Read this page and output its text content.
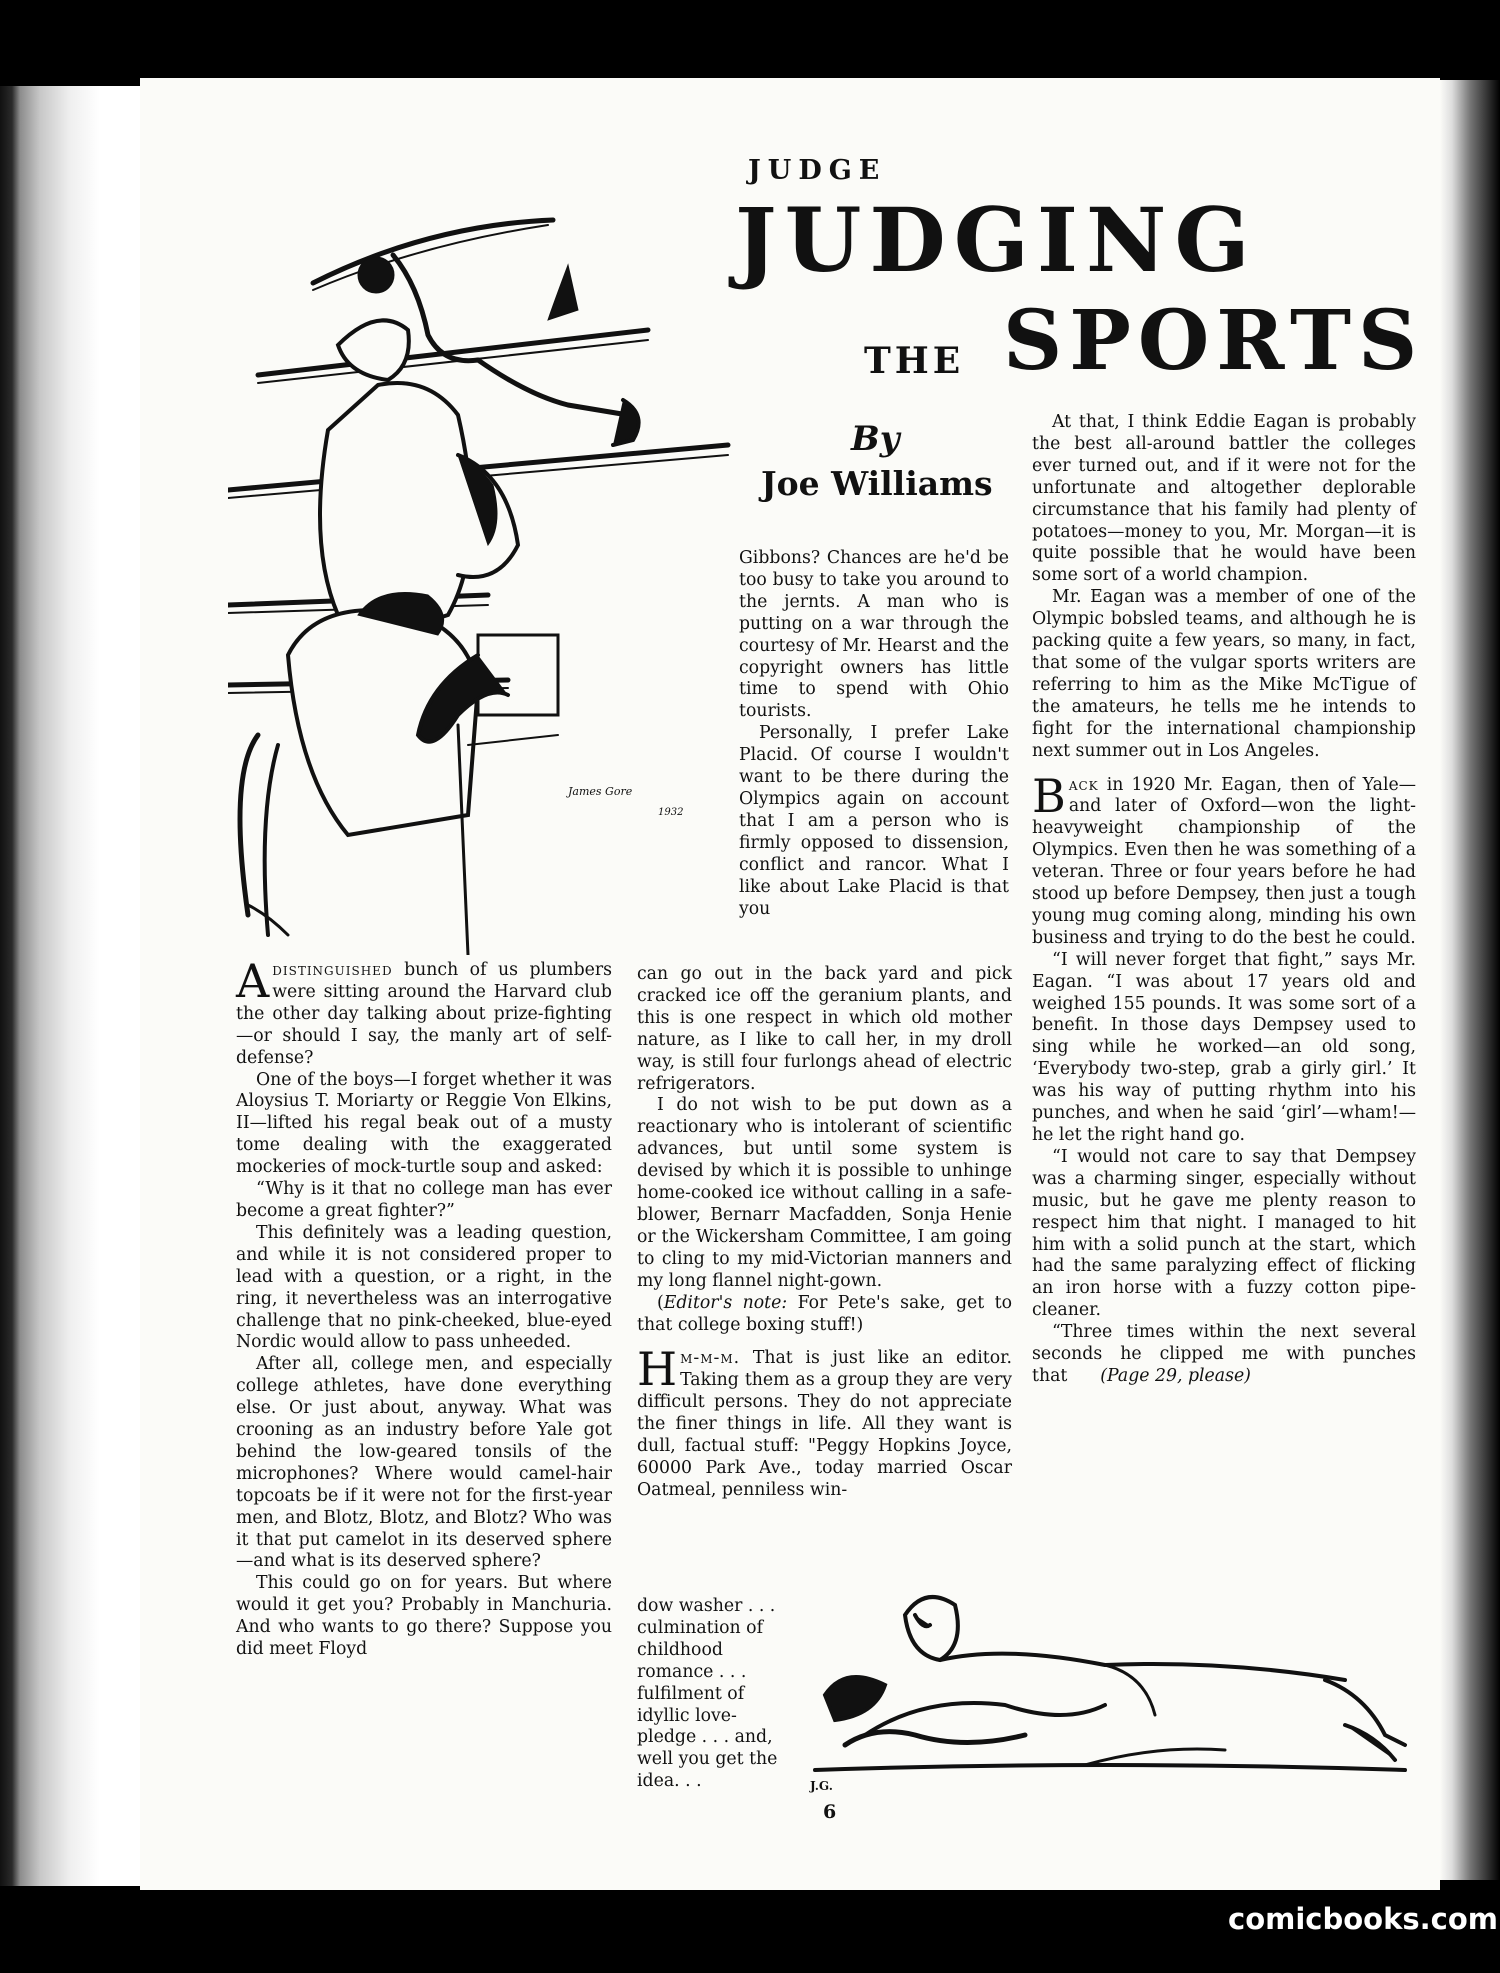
JUDGE
JUDGING
THE SPORTS
By
Joe Williams
James Gore
1932

Adistinguished bunch of us plumbers were sitting around the Harvard club the other day talking about prize-fighting—or should I say, the manly art of self-defense?

One of the boys—I forget whether it was Aloysius T. Moriarty or Reggie Von Elkins, II—lifted his regal beak out of a musty tome dealing with the exaggerated mockeries of mock-turtle soup and asked:

“Why is it that no college man has ever become a great fighter?”

This definitely was a leading question, and while it is not considered proper to lead with a question, or a right, in the ring, it nevertheless was an interrogative challenge that no pink-cheeked, blue-eyed Nordic would allow to pass unheeded.

After all, college men, and especially college athletes, have done everything else. Or just about, anyway. What was crooning as an industry before Yale got behind the low-geared tonsils of the microphones? Where would camel-hair topcoats be if it were not for the first-year men, and Blotz, Blotz, and Blotz? Who was it that put camelot in its deserved sphere—and what is its deserved sphere?

This could go on for years. But where would it get you? Probably in Manchuria. And who wants to go there? Suppose you did meet Floyd

Gibbons? Chances are he'd be too busy to take you around to the jernts. A man who is putting on a war through the courtesy of Mr. Hearst and the copyright owners has little time to spend with Ohio tourists.

Personally, I prefer Lake Placid. Of course I wouldn't want to be there during the Olympics again on account that I am a person who is firmly opposed to dissension, conflict and rancor. What I like about Lake Placid is that you

can go out in the back yard and pick cracked ice off the geranium plants, and this is one respect in which old mother nature, as I like to call her, in my droll way, is still four furlongs ahead of electric refrigerators.

I do not wish to be put down as a reactionary who is intolerant of scientific advances, but until some system is devised by which it is possible to unhinge home-cooked ice without calling in a safe-blower, Bernarr Macfadden, Sonja Henie or the Wickersham Committee, I am going to cling to my mid-Victorian manners and my long flannel night-gown.

(Editor's note: For Pete's sake, get to that college boxing stuff!)

Hm-m-m. That is just like an editor. Taking them as a group they are very difficult persons. They do not appreciate the finer things in life. All they want is dull, factual stuff: "Peggy Hopkins Joyce, 60000 Park Ave., today married Oscar Oatmeal, penniless win-

dow washer . . . culmination of childhood romance . . . fulfilment of idyllic love-pledge . . . and, well you get the idea. . .

At that, I think Eddie Eagan is probably the best all-around battler the colleges ever turned out, and if it were not for the unfortunate and altogether deplorable circumstance that his family had plenty of potatoes—money to you, Mr. Morgan—it is quite possible that he would have been some sort of a world champion.

Mr. Eagan was a member of one of the Olympic bobsled teams, and although he is packing quite a few years, so many, in fact, that some of the vulgar sports writers are referring to him as the Mike McTigue of the amateurs, he tells me he intends to fight for the international championship next summer out in Los Angeles.

Back in 1920 Mr. Eagan, then of Yale—and later of Oxford—won the light-heavyweight championship of the Olympics. Even then he was something of a veteran. Three or four years before he had stood up before Dempsey, then just a tough young mug coming along, minding his own business and trying to do the best he could.

“I will never forget that fight,” says Mr. Eagan. “I was about 17 years old and weighed 155 pounds. It was some sort of a benefit. In those days Dempsey used to sing while he worked—an old song, ‘Everybody two-step, grab a girly girl.’ It was his way of putting rhythm into his punches, and when he said ‘girl’—wham!—he let the right hand go.

“I would not care to say that Dempsey was a charming singer, especially without music, but he gave me plenty reason to respect him that night. I managed to hit him with a solid punch at the start, which had the same paralyzing effect of flicking an iron horse with a fuzzy cotton pipe-cleaner.

“Three times within the next several seconds he clipped me with punches that (Page 29, please)

J.G.
6
comicbooks.com
